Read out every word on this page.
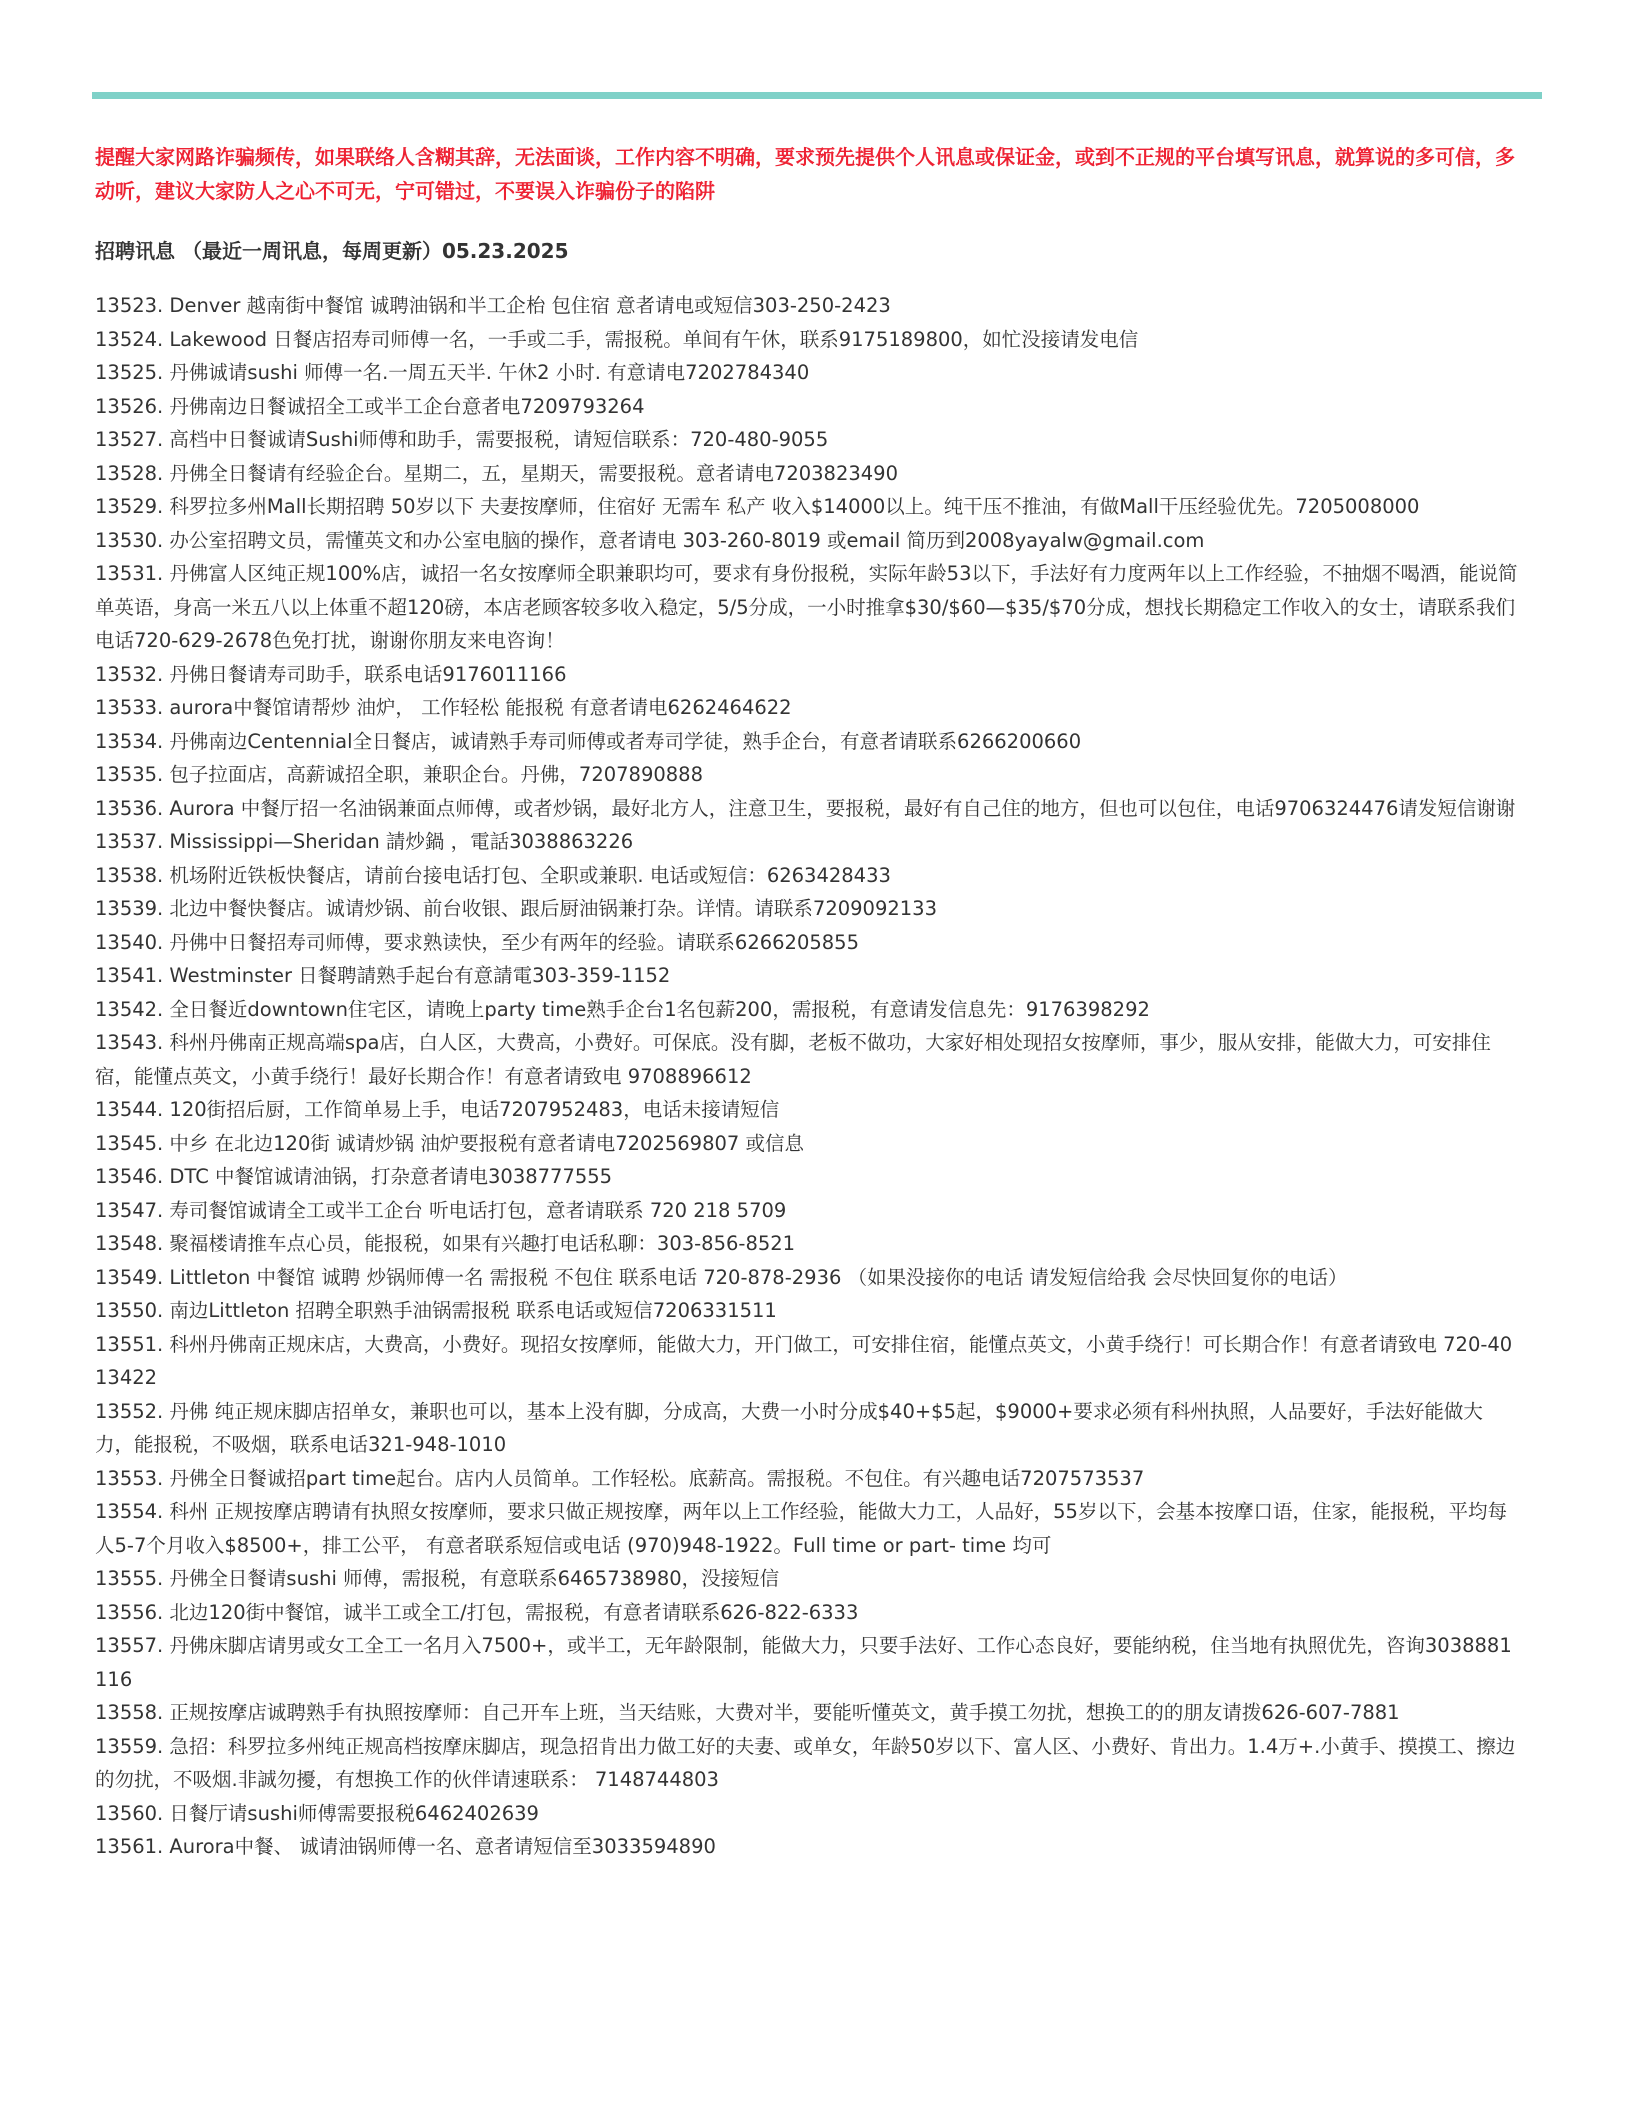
提醒大家网路诈骗频传，如果联络人含糊其辞，无法面谈，工作内容不明确，要求预先提供个人讯息或保证金，或到不正规的平台填写讯息，就算说的多可信，多动听，建议大家防人之心不可无，宁可错过，不要误入诈骗份子的陷阱

招聘讯息 （最近一周讯息，每周更新）05.23.2025

13523. Denver 越南街中餐馆 诚聘油锅和半工企枱 包住宿 意者请电或短信303-250-2423
13524. Lakewood 日餐店招寿司师傅一名，一手或二手，需报税。单间有午休，联系9175189800，如忙没接请发电信
13525. 丹佛诚请sushi 师傅一名.一周五天半. 午休2 小时. 有意请电7202784340
13526. 丹佛南边日餐诚招全工或半工企台意者电7209793264
13527. 高档中日餐诚请Sushi师傅和助手，需要报税，请短信联系：720-480-9055
13528. 丹佛全日餐请有经验企台。星期二，五，星期天，需要报税。意者请电7203823490
13529. 科罗拉多州Mall长期招聘 50岁以下 夫妻按摩师，住宿好 无需车 私产 收入$14000以上。纯干压不推油，有做Mall干压经验优先。7205008000
13530. 办公室招聘文员，需懂英文和办公室电脑的操作，意者请电 303-260-8019 或email 简历到2008yayalw@gmail.com
13531. 丹佛富人区纯正规100%店，诚招一名女按摩师全职兼职均可，要求有身份报税，实际年龄53以下，手法好有力度两年以上工作经验，不抽烟不喝酒，能说简单英语，身高一米五八以上体重不超120磅，本店老顾客较多收入稳定，5/5分成，一小时推拿$30/$60—$35/$70分成，想找长期稳定工作收入的女士，请联系我们电话720-629-2678色免打扰，谢谢你朋友来电咨询！
13532. 丹佛日餐请寿司助手，联系电话9176011166
13533. aurora中餐馆请帮炒 油炉， 工作轻松 能报税 有意者请电6262464622
13534. 丹佛南边Centennial全日餐店，诚请熟手寿司师傅或者寿司学徒，熟手企台，有意者请联系6266200660
13535. 包子拉面店，高薪诚招全职，兼职企台。丹佛，7207890888
13536. Aurora 中餐厅招一名油锅兼面点师傅，或者炒锅，最好北方人，注意卫生，要报税，最好有自己住的地方，但也可以包住，电话9706324476请发短信谢谢
13537. Mississippi—Sheridan 請炒鍋 ，電話3038863226
13538. 机场附近铁板快餐店，请前台接电话打包、全职或兼职. 电话或短信：6263428433
13539. 北边中餐快餐店。诚请炒锅、前台收银、跟后厨油锅兼打杂。详情。请联系7209092133
13540. 丹佛中日餐招寿司师傅，要求熟读快，至少有两年的经验。请联系6266205855
13541. Westminster 日餐聘請熟手起台有意請電303-359-1152
13542. 全日餐近downtown住宅区，请晚上party time熟手企台1名包薪200，需报税，有意请发信息先：9176398292
13543. 科州丹佛南正规高端spa店，白人区，大费高，小费好。可保底。没有脚，老板不做功，大家好相处现招女按摩师，事少，服从安排，能做大力，可安排住宿，能懂点英文，小黄手绕行！最好长期合作！有意者请致电 9708896612
13544. 120街招后厨，工作简单易上手，电话7207952483，电话未接请短信
13545. 中乡 在北边120街 诚请炒锅 油炉要报税有意者请电7202569807 或信息
13546. DTC 中餐馆诚请油锅，打杂意者请电3038777555
13547. 寿司餐馆诚请全工或半工企台 听电话打包，意者请联系 720 218 5709
13548. 聚福楼请推车点心员，能报税，如果有兴趣打电话私聊：303-856-8521
13549. Littleton 中餐馆 诚聘 炒锅师傅一名 需报税 不包住 联系电话 720-878-2936 （如果没接你的电话 请发短信给我 会尽快回复你的电话）
13550. 南边Littleton 招聘全职熟手油锅需报税 联系电话或短信7206331511
13551. 科州丹佛南正规床店，大费高，小费好。现招女按摩师，能做大力，开门做工，可安排住宿，能懂点英文，小黄手绕行！可长期合作！有意者请致电 720-4013422
13552. 丹佛 纯正规床脚店招单女，兼职也可以，基本上没有脚，分成高，大费一小时分成$40+$5起，$9000+要求必须有科州执照，人品要好，手法好能做大力，能报税，不吸烟，联系电话321-948-1010
13553. 丹佛全日餐诚招part time起台。店内人员简单。工作轻松。底薪高。需报税。不包住。有兴趣电话7207573537
13554. 科州 正规按摩店聘请有执照女按摩师，要求只做正规按摩，两年以上工作经验，能做大力工，人品好，55岁以下，会基本按摩口语，住家，能报税，平均每人5-7个月收入$8500+，排工公平， 有意者联系短信或电话 (970)948-1922。Full time or part- time 均可
13555. 丹佛全日餐请sushi 师傅，需报税，有意联系6465738980，没接短信
13556. 北边120街中餐馆，诚半工或全工/打包，需报税，有意者请联系626-822-6333
13557. 丹佛床脚店请男或女工全工一名月入7500+，或半工，无年龄限制，能做大力，只要手法好、工作心态良好，要能纳税，住当地有执照优先，咨询3038881116
13558. 正规按摩店诚聘熟手有执照按摩师：自己开车上班，当天结账，大费对半，要能听懂英文，黄手摸工勿扰，想换工的的朋友请拨626-607-7881
13559. 急招：科罗拉多州纯正规高档按摩床脚店，现急招肯出力做工好的夫妻、或单女，年龄50岁以下、富人区、小费好、肯出力。1.4万+.小黄手、摸摸工、擦边的勿扰，不吸烟.非誠勿擾，有想换工作的伙伴请速联系： 7148744803
13560. 日餐厅请sushi师傅需要报税6462402639
13561. Aurora中餐、 诚请油锅师傅一名、意者请短信至3033594890
